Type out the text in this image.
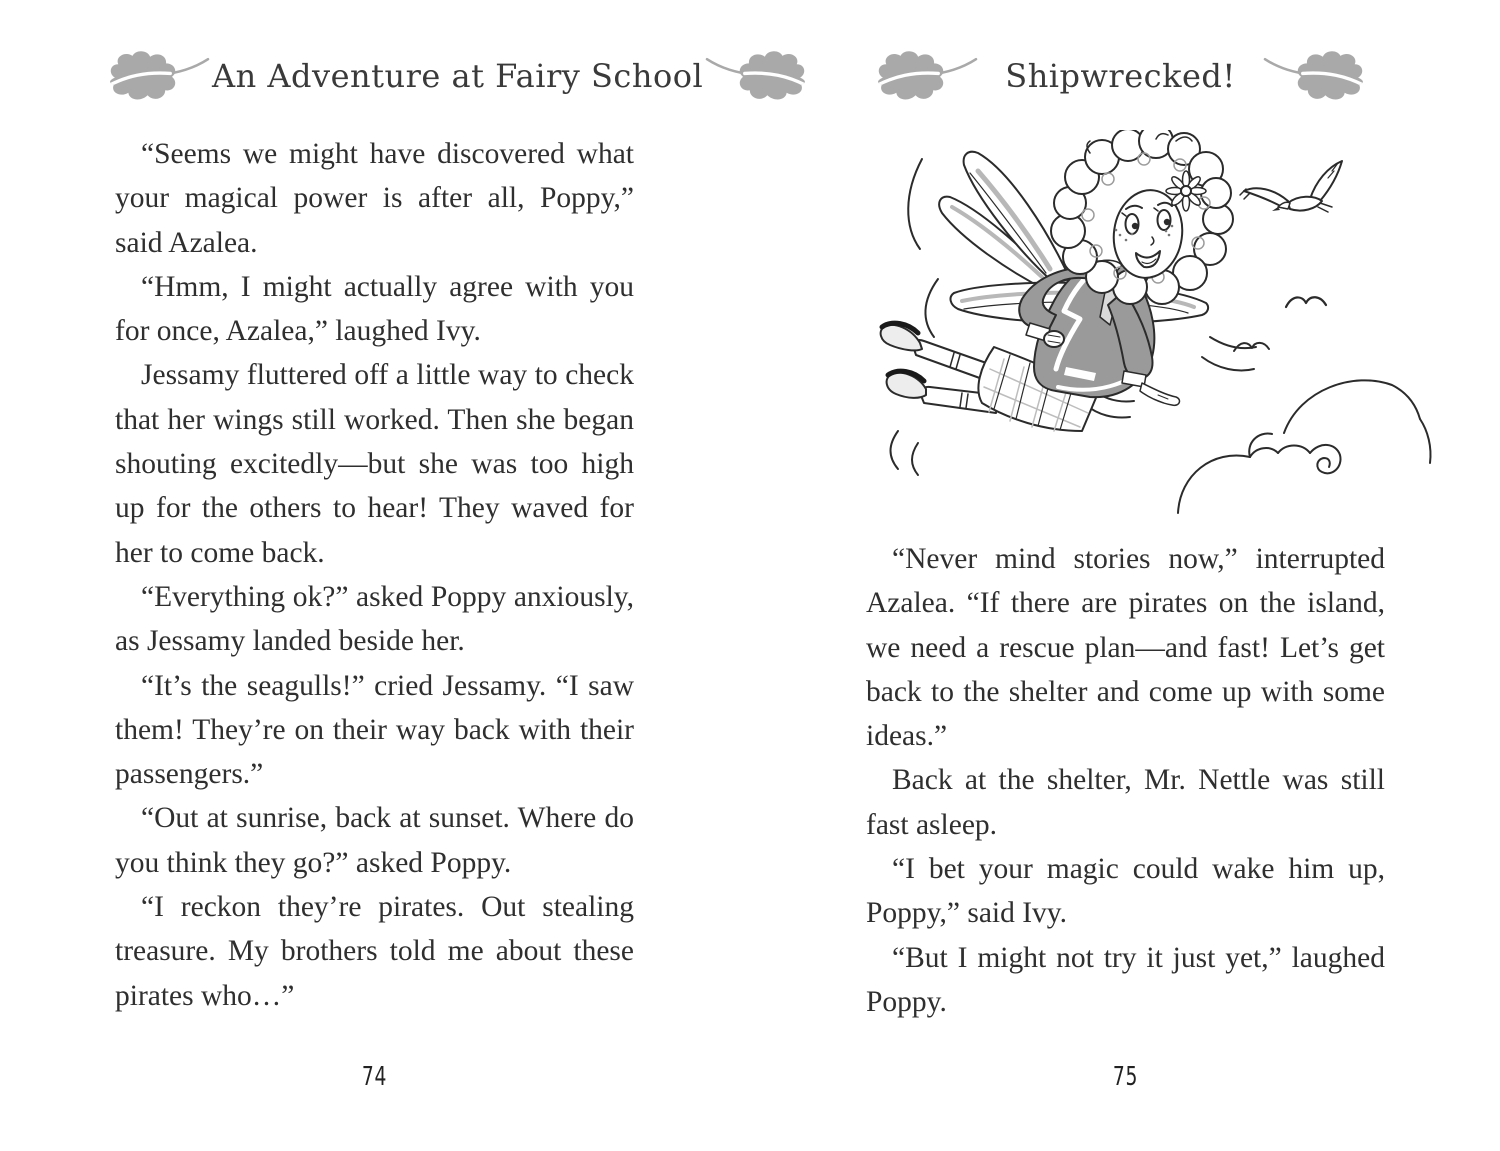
An Adventure at Fairy School

“Seems we might have discovered what your magical power is after all, Poppy,” said Azalea.

“Hmm, I might actually agree with you for once, Azalea,” laughed Ivy.

Jessamy fluttered off a little way to check that her wings still worked. Then she began shouting excitedly—but she was too high up for the others to hear! They waved for her to come back.

“Everything ok?” asked Poppy anxiously, as Jessamy landed beside her.

“It’s the seagulls!” cried Jessamy. “I saw them! They’re on their way back with their passengers.”

“Out at sunrise, back at sunset. Where do you think they go?” asked Poppy.

“I reckon they’re pirates. Out stealing treasure. My brothers told me about these pirates who…”

74
Shipwrecked!

“Never mind stories now,” interrupted Azalea. “If there are pirates on the island, we need a rescue plan—and fast! Let’s get back to the shelter and come up with some ideas.”

Back at the shelter, Mr. Nettle was still fast asleep.

“I bet your magic could wake him up, Poppy,” said Ivy.

“But I might not try it just yet,” laughed Poppy.

75
